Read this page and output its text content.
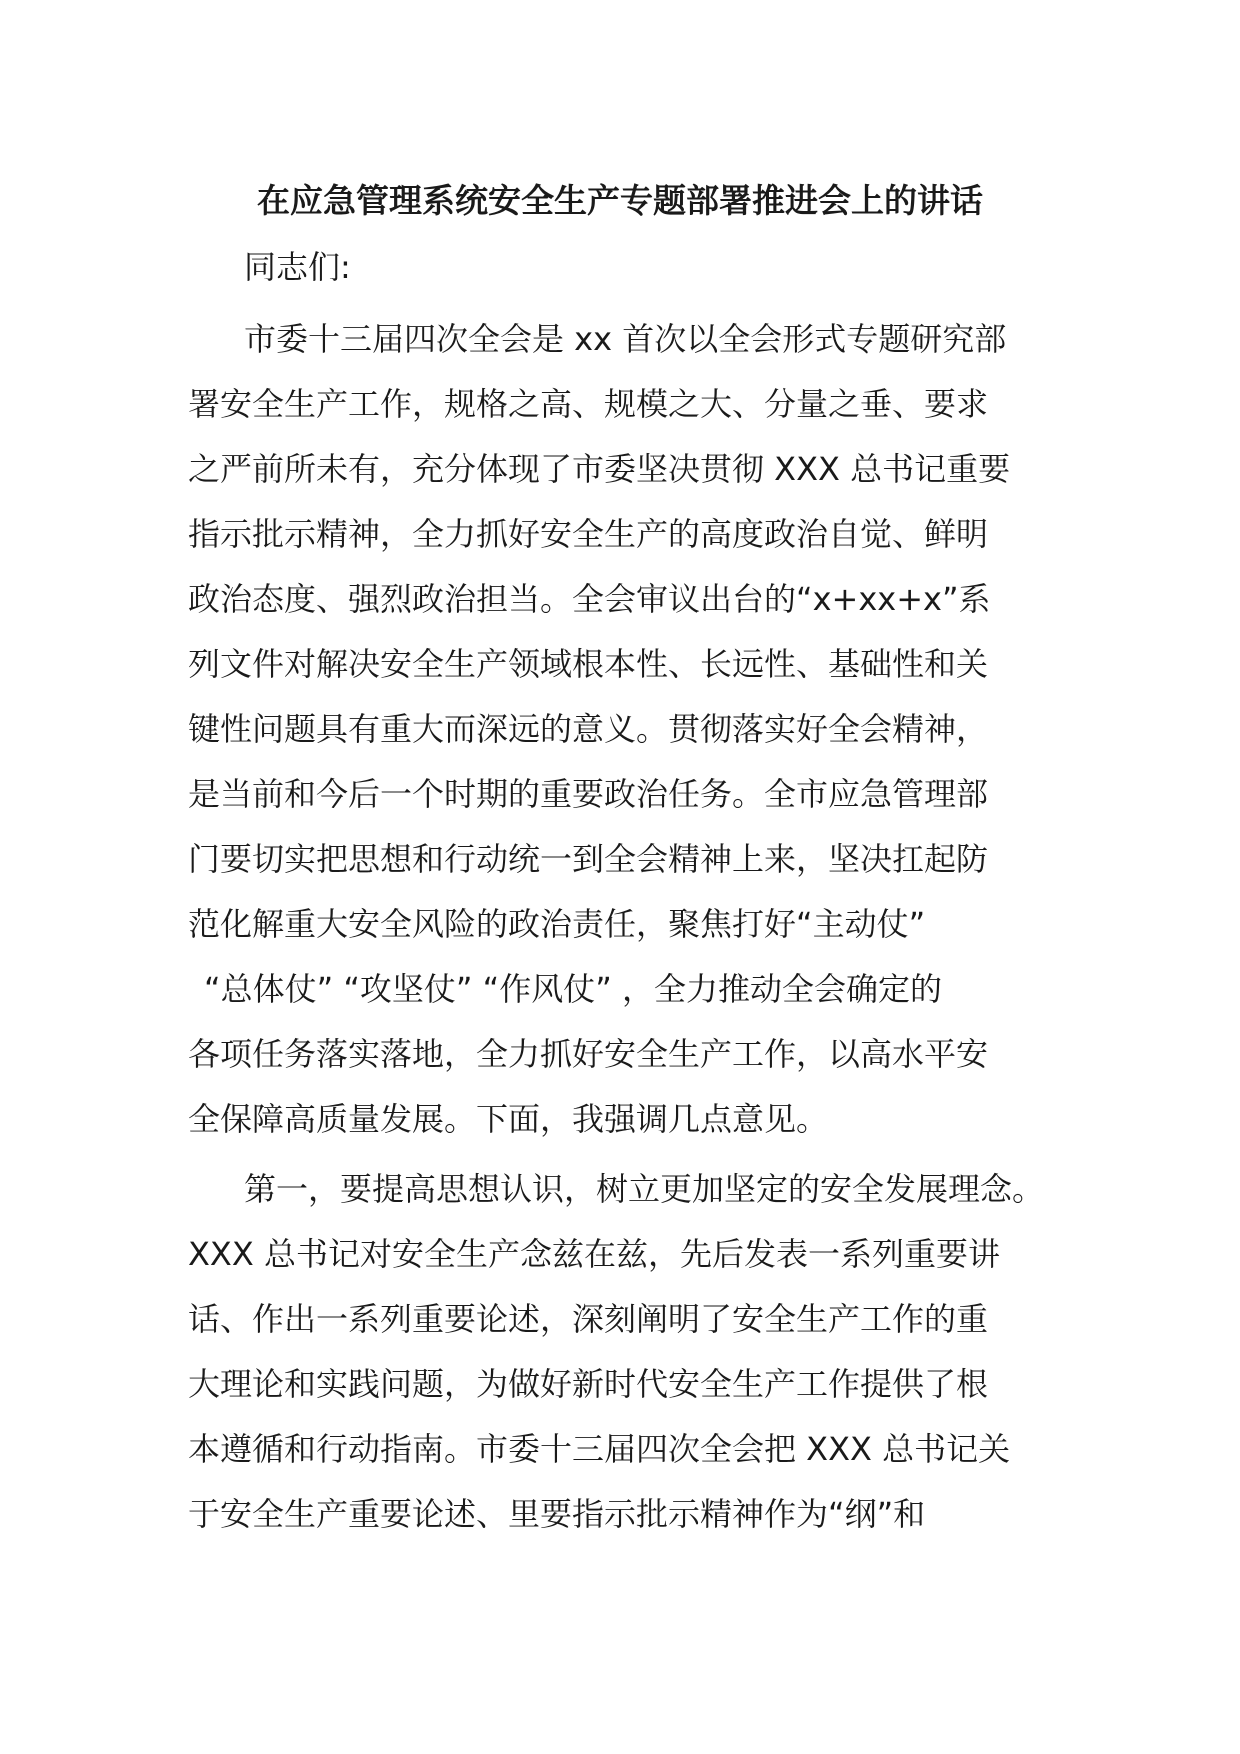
在应急管理系统安全生产专题部署推进会上的讲话
同志们:
市委十三届四次全会是 xx 首次以全会形式专题研究部
署安全生产工作，规格之高、规模之大、分量之垂、要求
之严前所未有，充分体现了市委坚决贯彻 XXX 总书记重要
指示批示精神，全力抓好安全生产的高度政治自觉、鲜明
政治态度、强烈政治担当。全会审议出台的“x+xx+x”系
列文件对解决安全生产领域根本性、长远性、基础性和关
键性问题具有重大而深远的意义。贯彻落实好全会精神，
是当前和今后一个时期的重要政治任务。全市应急管理部
门要切实把思想和行动统一到全会精神上来，坚决扛起防
范化解重大安全风险的政治责任，聚焦打好“主动仗”
“总体仗” “攻坚仗” “作风仗” ，全力推动全会确定的
各项任务落实落地，全力抓好安全生产工作，以高水平安
全保障高质量发展。下面，我强调几点意见。
第一，要提高思想认识，树立更加坚定的安全发展理念。
XXX 总书记对安全生产念兹在兹，先后发表一系列重要讲
话、作出一系列重要论述，深刻阐明了安全生产工作的重
大理论和实践问题，为做好新时代安全生产工作提供了根
本遵循和行动指南。市委十三届四次全会把 XXX 总书记关
于安全生产重要论述、里要指示批示精神作为“纲”和
